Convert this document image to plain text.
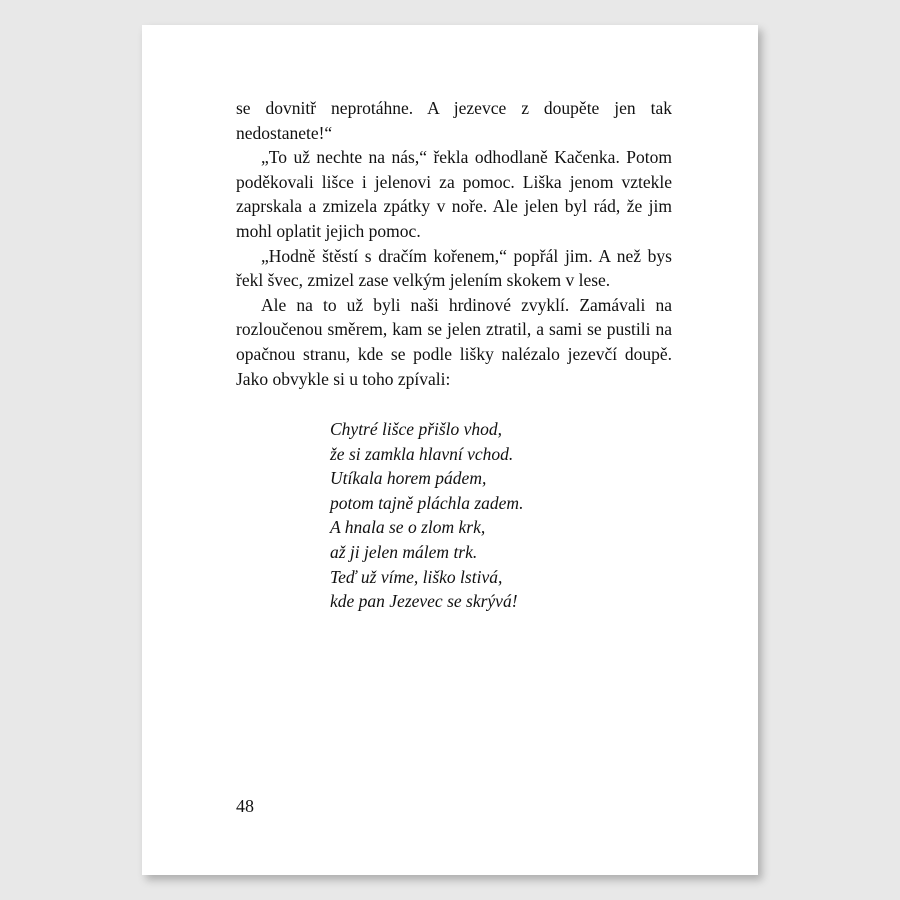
se dovnitř neprotáhne. A jezevce z doupěte jen tak nedostanete!“

„To už nechte na nás,“ řekla odhodlaně Kačenka. Potom poděkovali lišce i jelenovi za pomoc. Liška jenom vztekle zaprskala a zmizela zpátky v noře. Ale jelen byl rád, že jim mohl oplatit jejich pomoc.

„Hodně štěstí s dračím kořenem,“ popřál jim. A než bys řekl švec, zmizel zase velkým jelením skokem v lese.

Ale na to už byli naši hrdinové zvyklí. Zamávali na rozloučenou směrem, kam se jelen ztratil, a sami se pustili na opačnou stranu, kde se podle lišky nalézalo jezevčí doupě. Jako obvykle si u toho zpívali:

Chytré lišce přišlo vhod,
že si zamkla hlavní vchod.
Utíkala horem pádem,
potom tajně pláchla zadem.
A hnala se o zlom krk,
až ji jelen málem trk.
Teď už víme, liško lstivá,
kde pan Jezevec se skrývá!
48
